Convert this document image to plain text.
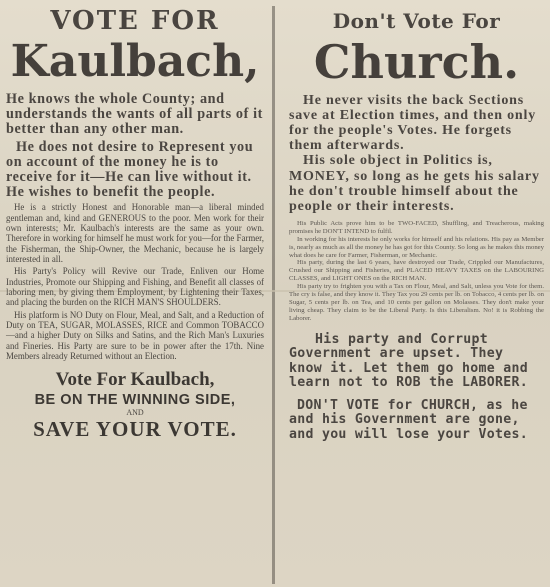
VOTE FOR
Kaulbach,

He knows the whole County; and understands the wants of all parts of it better than any other man.

He does not desire to Represent you on account of the money he is to receive for it—He can live without it. He wishes to benefit the people.

He is a strictly Honest and Honorable man—a liberal minded gentleman and, kind and GENEROUS to the poor. Men work for their own interests; Mr. Kaulbach's interests are the same as your own. Therefore in working for himself he must work for you—for the Farmer, the Fisherman, the Ship-Owner, the Mechanic, because he is largely interested in all.

His Party's Policy will Revive our Trade, Enliven our Home Industries, Promote our Shipping and Fishing, and Benefit all classes of laboring men, by giving them Employment, by Lightening their Taxes, and placing the burden on the RICH MAN'S SHOULDERS.

His platform is NO Duty on Flour, Meal, and Salt, and a Reduction of Duty on TEA, SUGAR, MOLASSES, RICE and Common TOBACCO—and a higher Duty on Silks and Satins, and the Rich Man's Luxuries and Fineries. His Party are sure to be in power after the 17th. Nine Members already Returned without an Election.

Vote For Kaulbach,
BE ON THE WINNING SIDE,
AND
SAVE YOUR VOTE.
Don't Vote For
Church.

He never visits the back Sections save at Election times, and then only for the people's Votes. He forgets them afterwards.

His sole object in Politics is, MONEY, so long as he gets his salary he don't trouble himself about the people or their interests.

His Public Acts prove him to be TWO-FACED, Shuffling, and Treacherous, making promises he DON'T INTEND to fulfil.

In working for his interests he only works for himself and his relations. His pay as Member is, nearly as much as all the money he has got for this County. So long as he makes this money what does he care for Farmer, Fisherman, or Mechanic.

His party, during the last 6 years, have destroyed our Trade, Crippled our Manufactures, Crushed our Shipping and Fisheries, and PLACED HEAVY TAXES on the LABOURING CLASSES, and LIGHT ONES on the RICH MAN.

His party try to frighten you with a Tax on Flour, Meal, and Salt, unless you Vote for them. The cry is false, and they know it. They Tax you 29 cents per lb. on Tobacco, 4 cents per lb. on Sugar, 5 cents per lb. on Tea, and 10 cents per gallon on Molasses. They don't make your living cheap. They claim to be the Liberal Party. Is this Liberalism. No! it is Robbing the Laborer.

His party and Corrupt Government are upset. They know it. Let them go home and learn not to ROB the LABORER.

DON'T VOTE for CHURCH, as he and his Government are gone, and you will lose your Votes.
